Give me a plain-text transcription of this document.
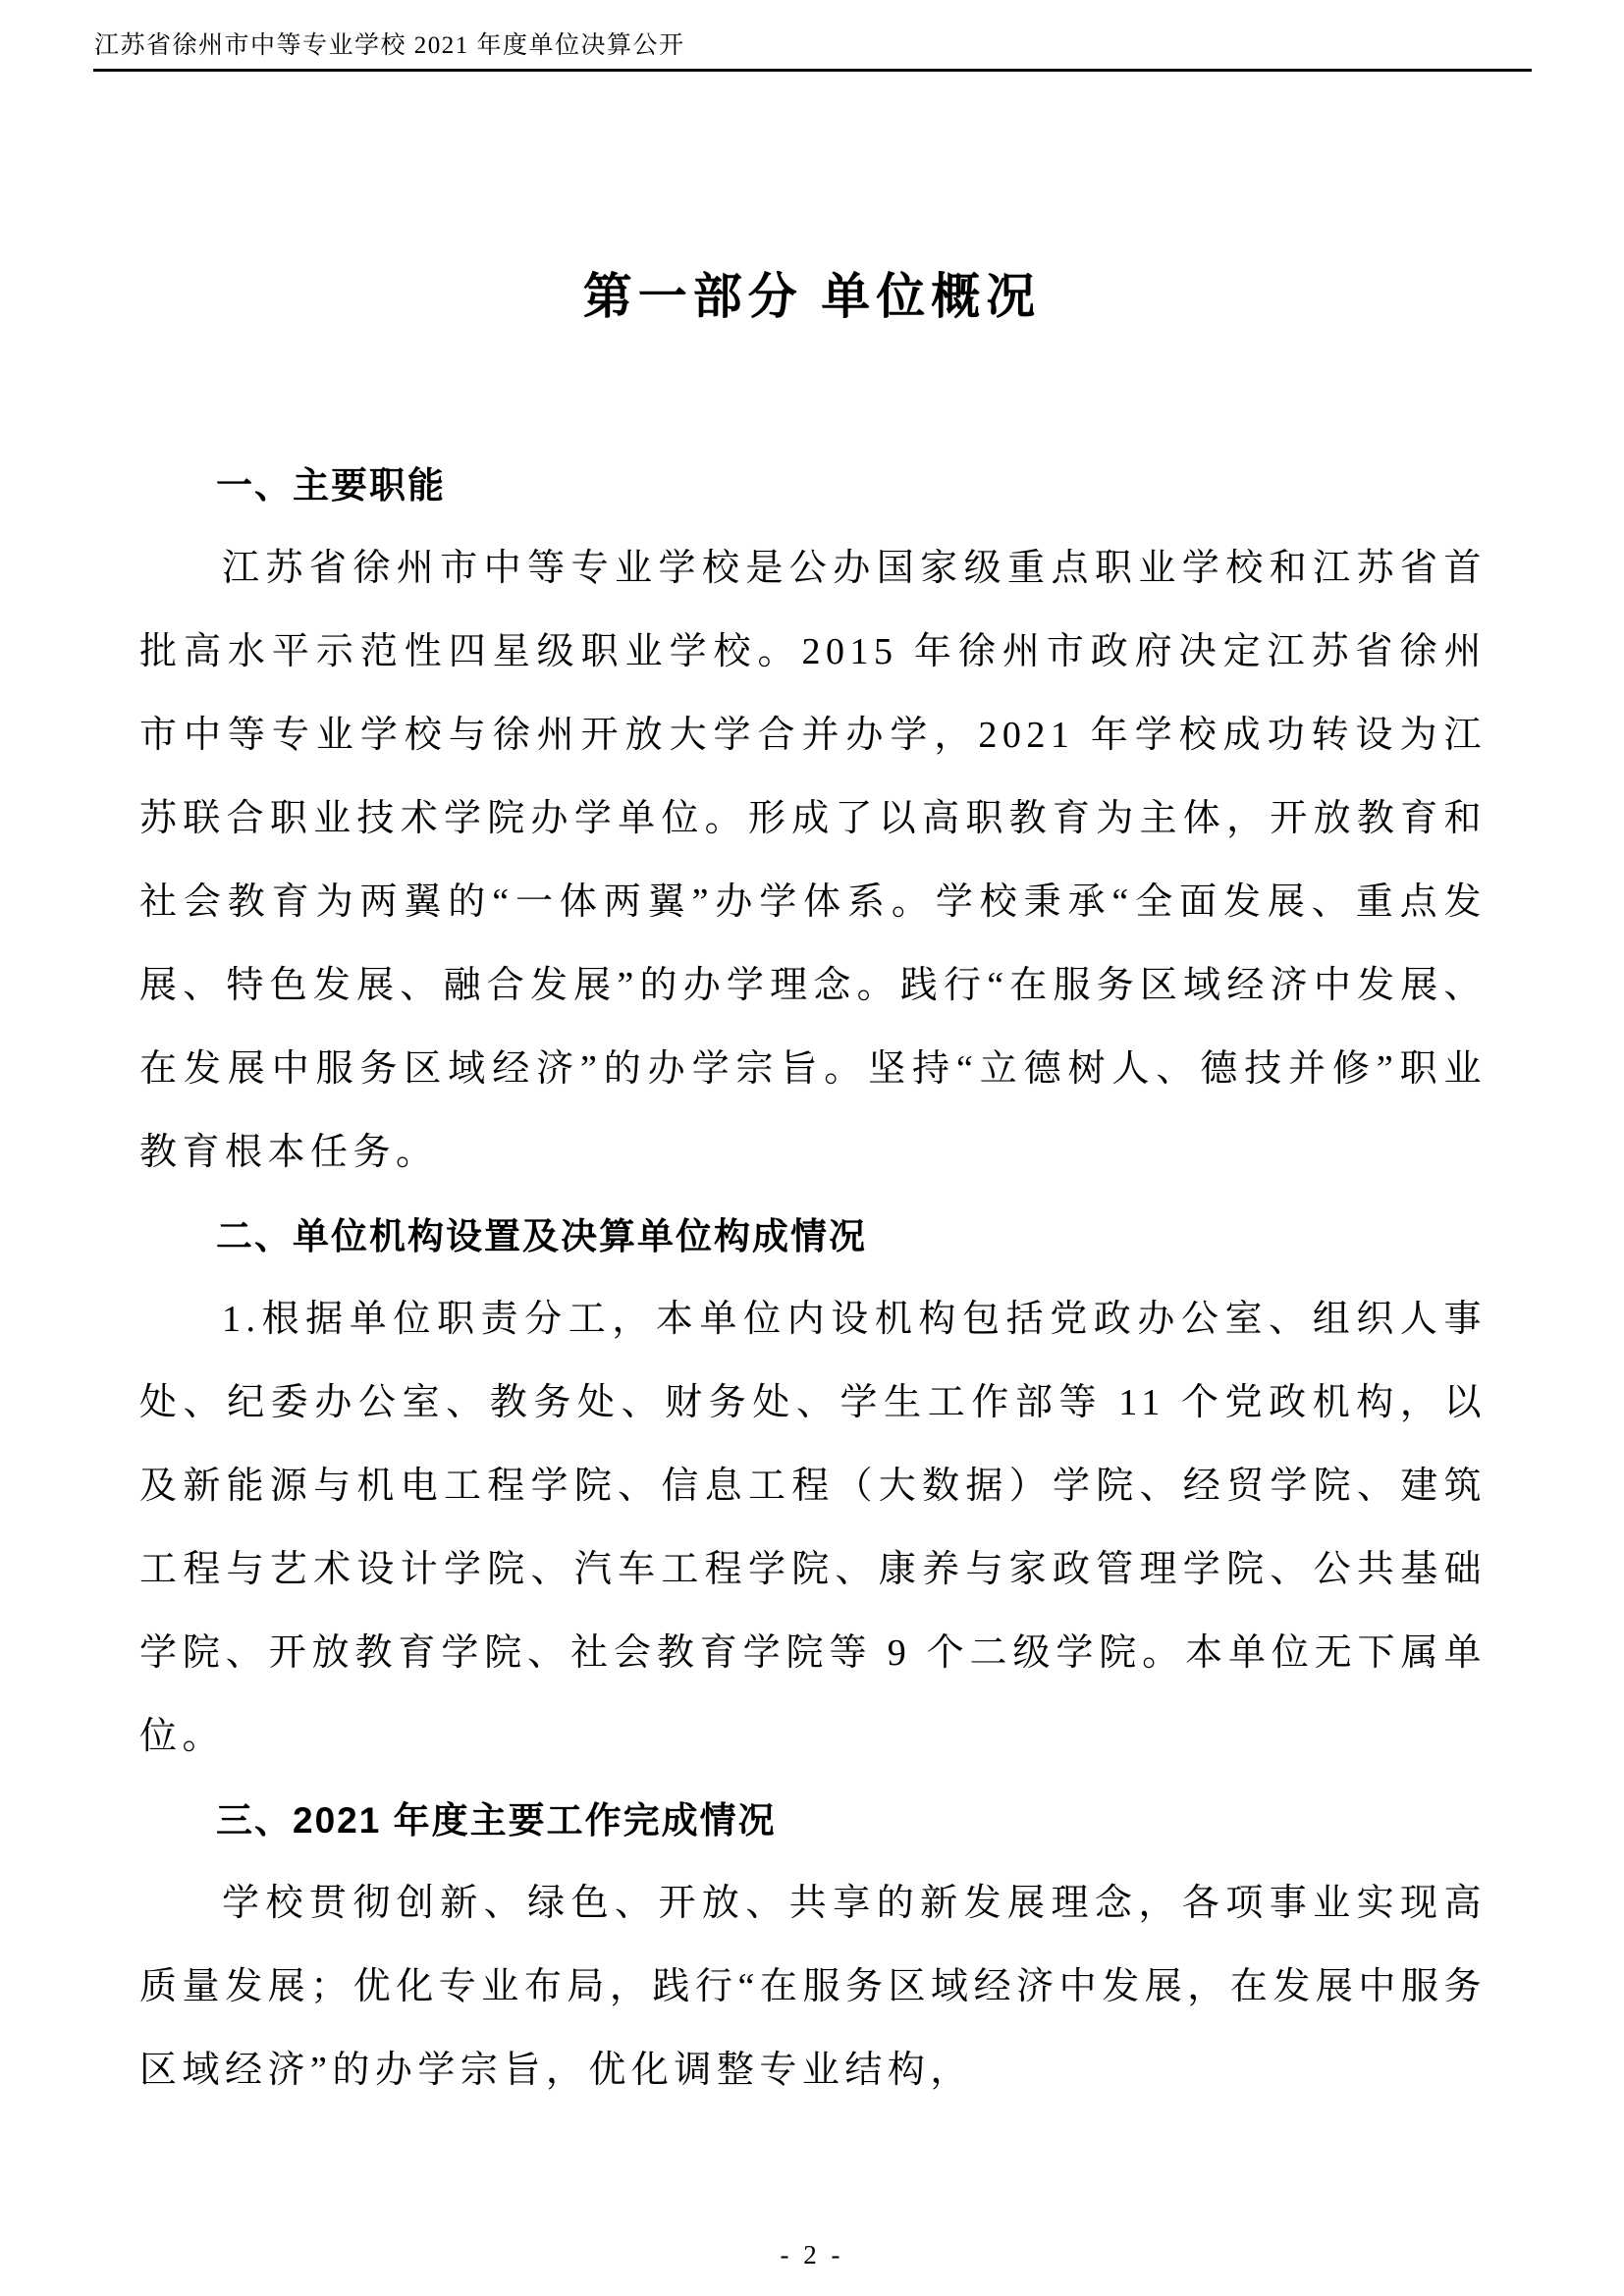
江苏省徐州市中等专业学校 2021 年度单位决算公开
第一部分 单位概况
一、主要职能

江苏省徐州市中等专业学校是公办国家级重点职业学校和江苏省首批高水平示范性四星级职业学校。2015 年徐州市政府决定江苏省徐州市中等专业学校与徐州开放大学合并办学，2021 年学校成功转设为江苏联合职业技术学院办学单位。形成了以高职教育为主体，开放教育和社会教育为两翼的“一体两翼”办学体系。学校秉承“全面发展、重点发展、特色发展、融合发展”的办学理念。践行“在服务区域经济中发展、在发展中服务区域经济”的办学宗旨。坚持“立德树人、德技并修”职业教育根本任务。

二、单位机构设置及决算单位构成情况

1.根据单位职责分工，本单位内设机构包括党政办公室、组织人事处、纪委办公室、教务处、财务处、学生工作部等 11 个党政机构，以及新能源与机电工程学院、信息工程（大数据）学院、经贸学院、建筑工程与艺术设计学院、汽车工程学院、康养与家政管理学院、公共基础学院、开放教育学院、社会教育学院等 9 个二级学院。本单位无下属单位。

三、2021 年度主要工作完成情况

学校贯彻创新、绿色、开放、共享的新发展理念，各项事业实现高质量发展；优化专业布局，践行“在服务区域经济中发展，在发展中服务区域经济”的办学宗旨，优化调整专业结构，

- 2 -
